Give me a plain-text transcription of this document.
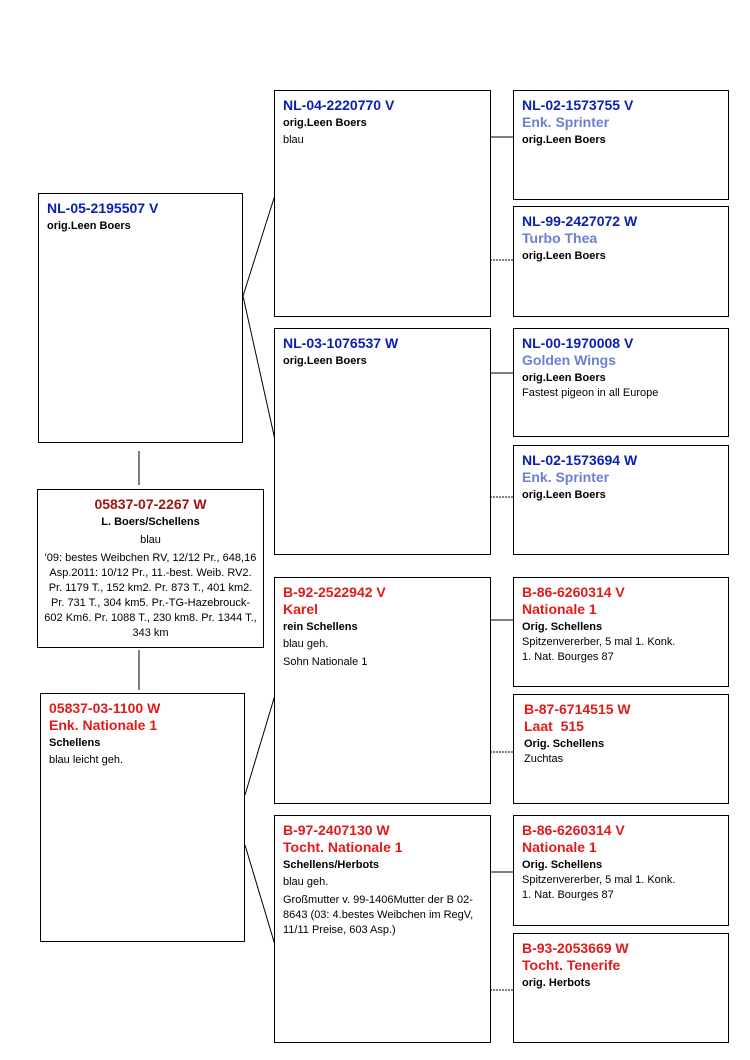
NL-05-2195507 V
orig.Leen Boers
05837-07-2267 W
L. Boers/Schellens
blau
'09: bestes Weibchen RV, 12/12 Pr., 648,16 Asp.2011: 10/12 Pr., 11.-best. Weib. RV2. Pr. 1179 T., 152 km2. Pr. 873 T., 401 km2. Pr. 731 T., 304 km5. Pr.-TG-Hazebrouck-602 Km6. Pr. 1088 T., 230 km8. Pr. 1344 T., 343 km
05837-03-1100 W
Enk. Nationale 1
Schellens
blau leicht geh.
NL-04-2220770 V
orig.Leen Boers
blau
NL-03-1076537 W
orig.Leen Boers
B-92-2522942 V
Karel
rein Schellens
blau geh.
Sohn Nationale 1
B-97-2407130 W
Tocht. Nationale 1
Schellens/Herbots
blau geh.
Großmutter v. 99-1406Mutter der B 02- 8643 (03: 4.bestes Weibchen im RegV, 11/11 Preise, 603 Asp.)
NL-02-1573755 V
Enk. Sprinter
orig.Leen Boers
NL-99-2427072 W
Turbo Thea
orig.Leen Boers
NL-00-1970008 V
Golden Wings
orig.Leen Boers
Fastest pigeon in all Europe
NL-02-1573694 W
Enk. Sprinter
orig.Leen Boers
B-86-6260314 V
Nationale 1
Orig. Schellens
Spitzenvererber, 5 mal 1. Konk.
1. Nat. Bourges 87
B-87-6714515 W
Laat  515
Orig. Schellens
Zuchtas
B-86-6260314 V
Nationale 1
Orig. Schellens
Spitzenvererber, 5 mal 1. Konk.
1. Nat. Bourges 87
B-93-2053669 W
Tocht. Tenerife
orig. Herbots
